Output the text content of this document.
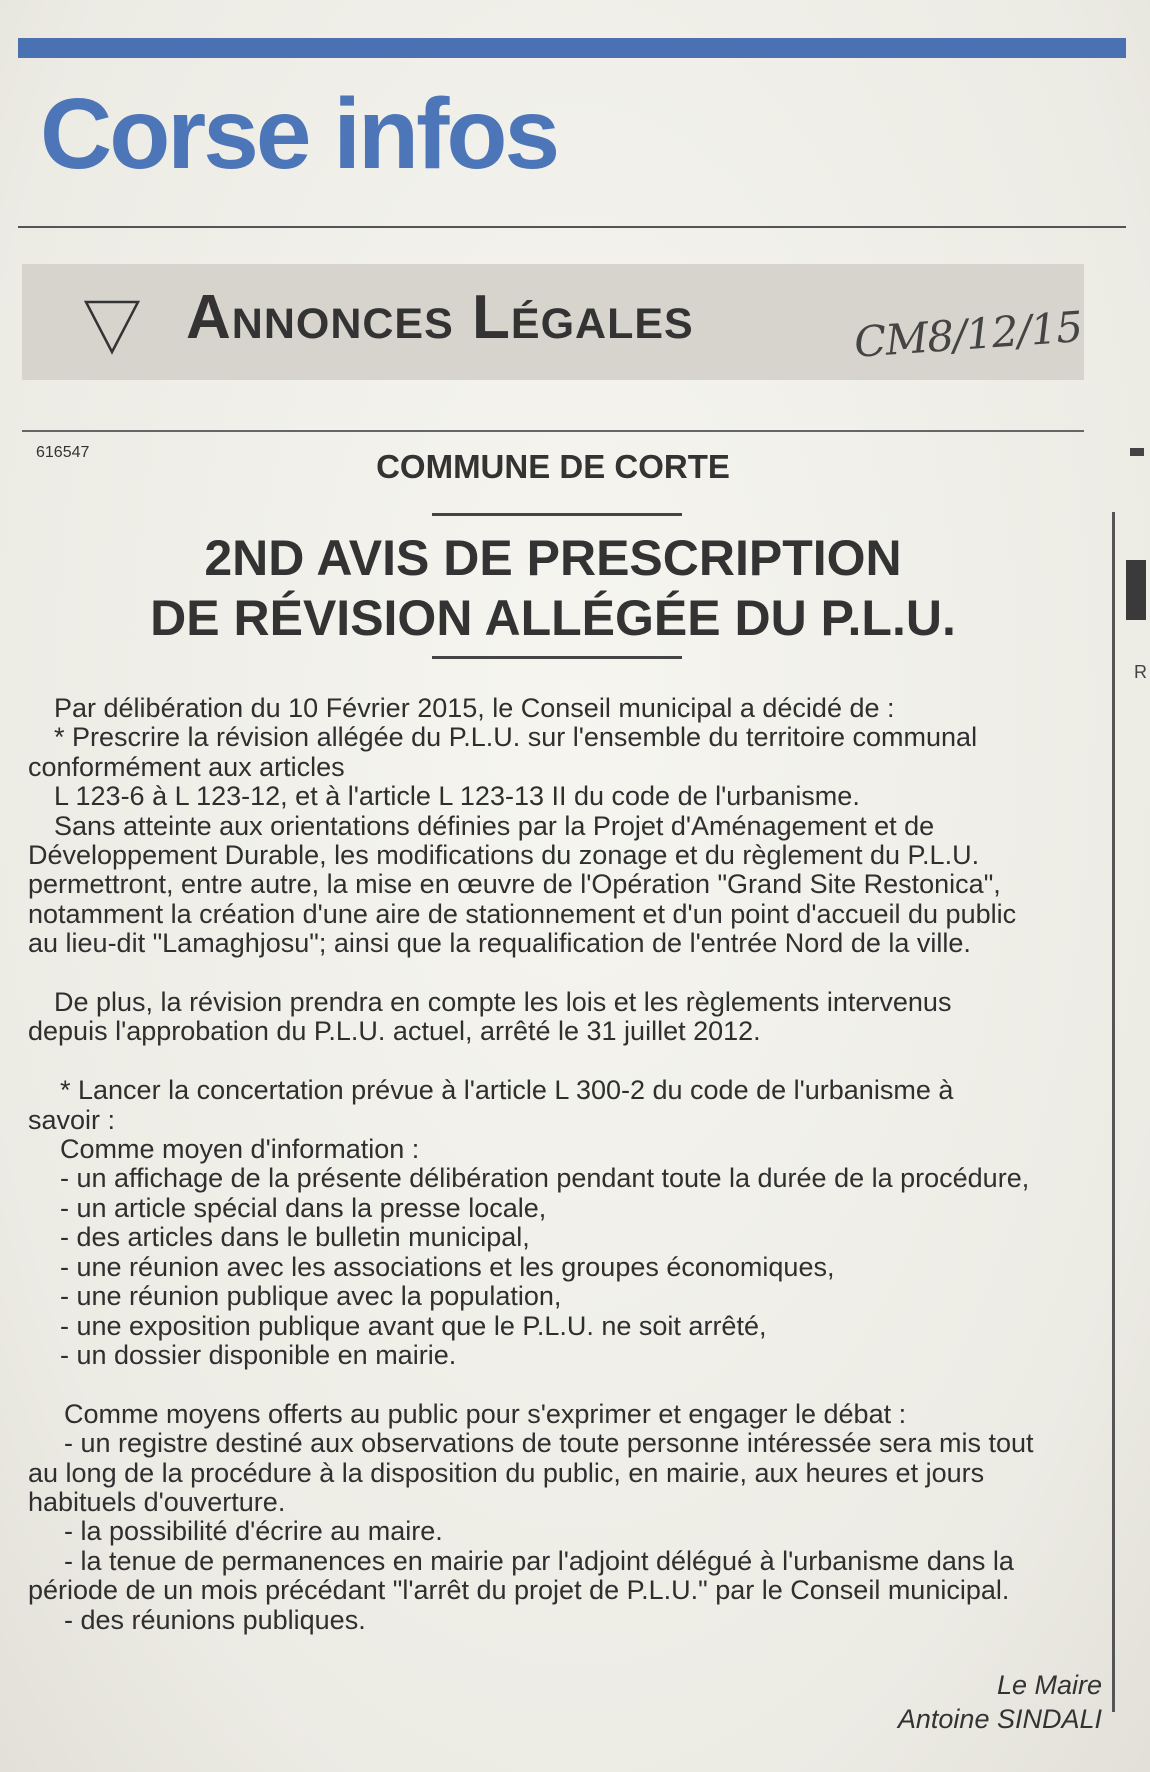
Corse infos
Annonces Légales	CM8/12/15
616547	COMMUNE DE CORTE
2ND AVIS DE PRESCRIPTION
DE RÉVISION ALLÉGÉE DU P.L.U.
R

Par délibération du 10 Février 2015, le Conseil municipal a décidé de :

* Prescrire la révision allégée du P.L.U. sur l'ensemble du territoire communal

conformément aux articles

L 123-6 à L 123-12, et à l'article L 123-13 II du code de l'urbanisme.

Sans atteinte aux orientations définies par la Projet d'Aménagement et de

Développement Durable, les modifications du zonage et du règlement du P.L.U.

permettront, entre autre, la mise en œuvre de l'Opération "Grand Site Restonica",

notamment la création d'une aire de stationnement et d'un point d'accueil du public

au lieu-dit "Lamaghjosu"; ainsi que la requalification de l'entrée Nord de la ville.

De plus, la révision prendra en compte les lois et les règlements intervenus

depuis l'approbation du P.L.U. actuel, arrêté le 31 juillet 2012.

* Lancer la concertation prévue à l'article L 300-2 du code de l'urbanisme à

savoir :

Comme moyen d'information :

- un affichage de la présente délibération pendant toute la durée de la procédure,

- un article spécial dans la presse locale,

- des articles dans le bulletin municipal,

- une réunion avec les associations et les groupes économiques,

- une réunion publique avec la population,

- une exposition publique avant que le P.L.U. ne soit arrêté,

- un dossier disponible en mairie.

Comme moyens offerts au public pour s'exprimer et engager le débat :

- un registre destiné aux observations de toute personne intéressée sera mis tout

au long de la procédure à la disposition du public, en mairie, aux heures et jours

habituels d'ouverture.

- la possibilité d'écrire au maire.

- la tenue de permanences en mairie par l'adjoint délégué à l'urbanisme dans la

période de un mois précédant "l'arrêt du projet de P.L.U." par le Conseil municipal.

- des réunions publiques.

Le Maire
Antoine SINDALI
